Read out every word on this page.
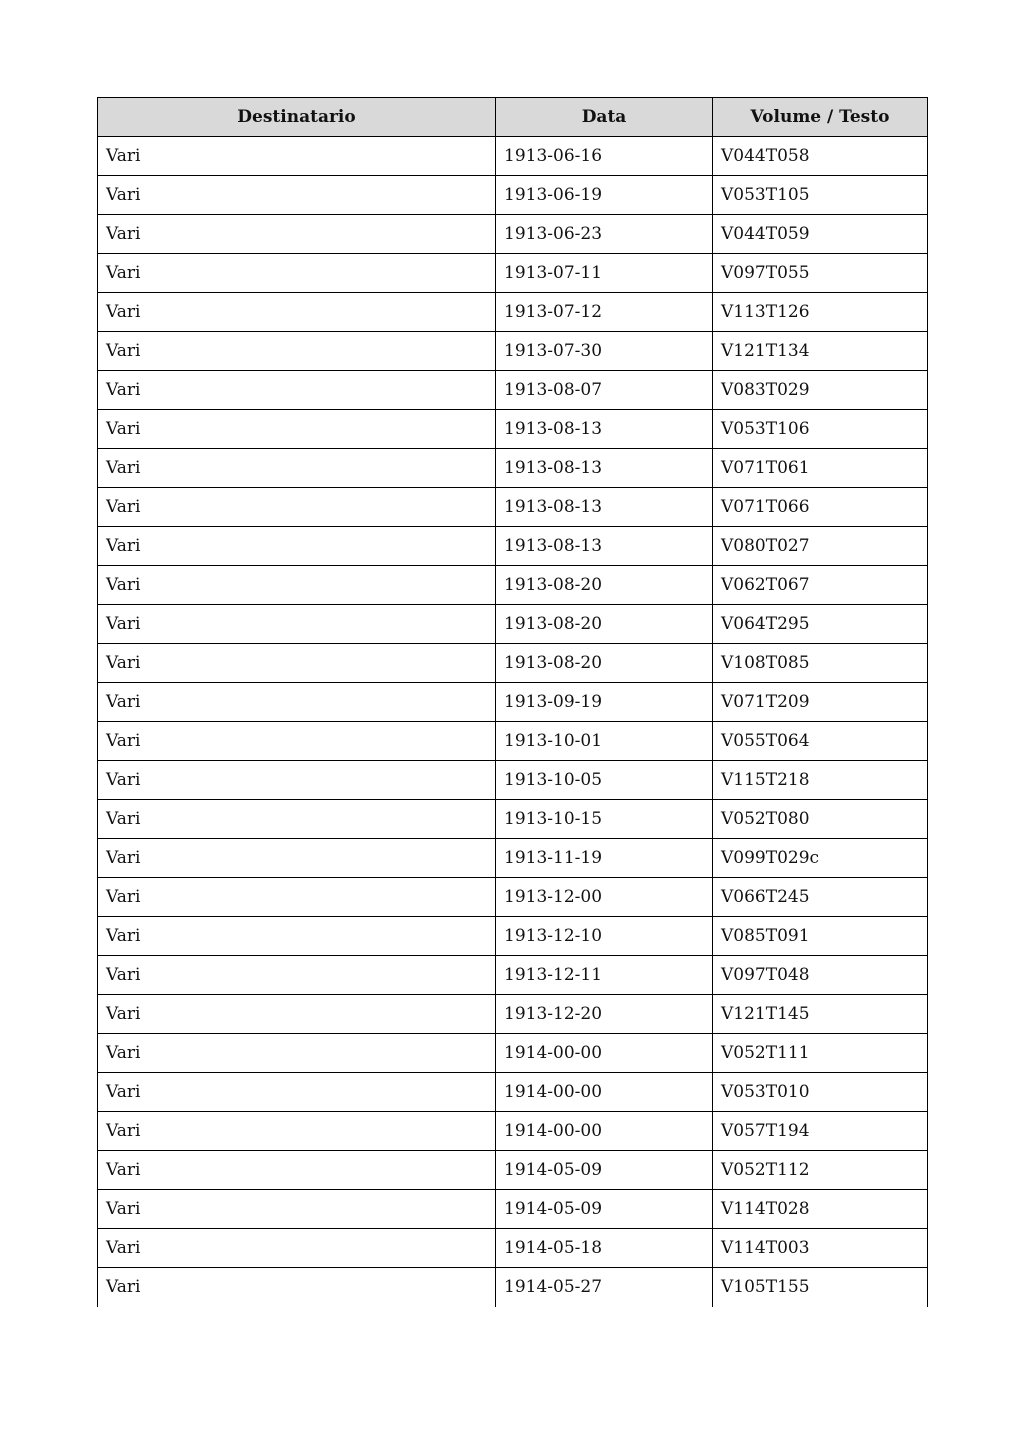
Destinatario	Data	Volume / Testo
Vari	1913-06-16	V044T058
Vari	1913-06-19	V053T105
Vari	1913-06-23	V044T059
Vari	1913-07-11	V097T055
Vari	1913-07-12	V113T126
Vari	1913-07-30	V121T134
Vari	1913-08-07	V083T029
Vari	1913-08-13	V053T106
Vari	1913-08-13	V071T061
Vari	1913-08-13	V071T066
Vari	1913-08-13	V080T027
Vari	1913-08-20	V062T067
Vari	1913-08-20	V064T295
Vari	1913-08-20	V108T085
Vari	1913-09-19	V071T209
Vari	1913-10-01	V055T064
Vari	1913-10-05	V115T218
Vari	1913-10-15	V052T080
Vari	1913-11-19	V099T029c
Vari	1913-12-00	V066T245
Vari	1913-12-10	V085T091
Vari	1913-12-11	V097T048
Vari	1913-12-20	V121T145
Vari	1914-00-00	V052T111
Vari	1914-00-00	V053T010
Vari	1914-00-00	V057T194
Vari	1914-05-09	V052T112
Vari	1914-05-09	V114T028
Vari	1914-05-18	V114T003
Vari	1914-05-27	V105T155
